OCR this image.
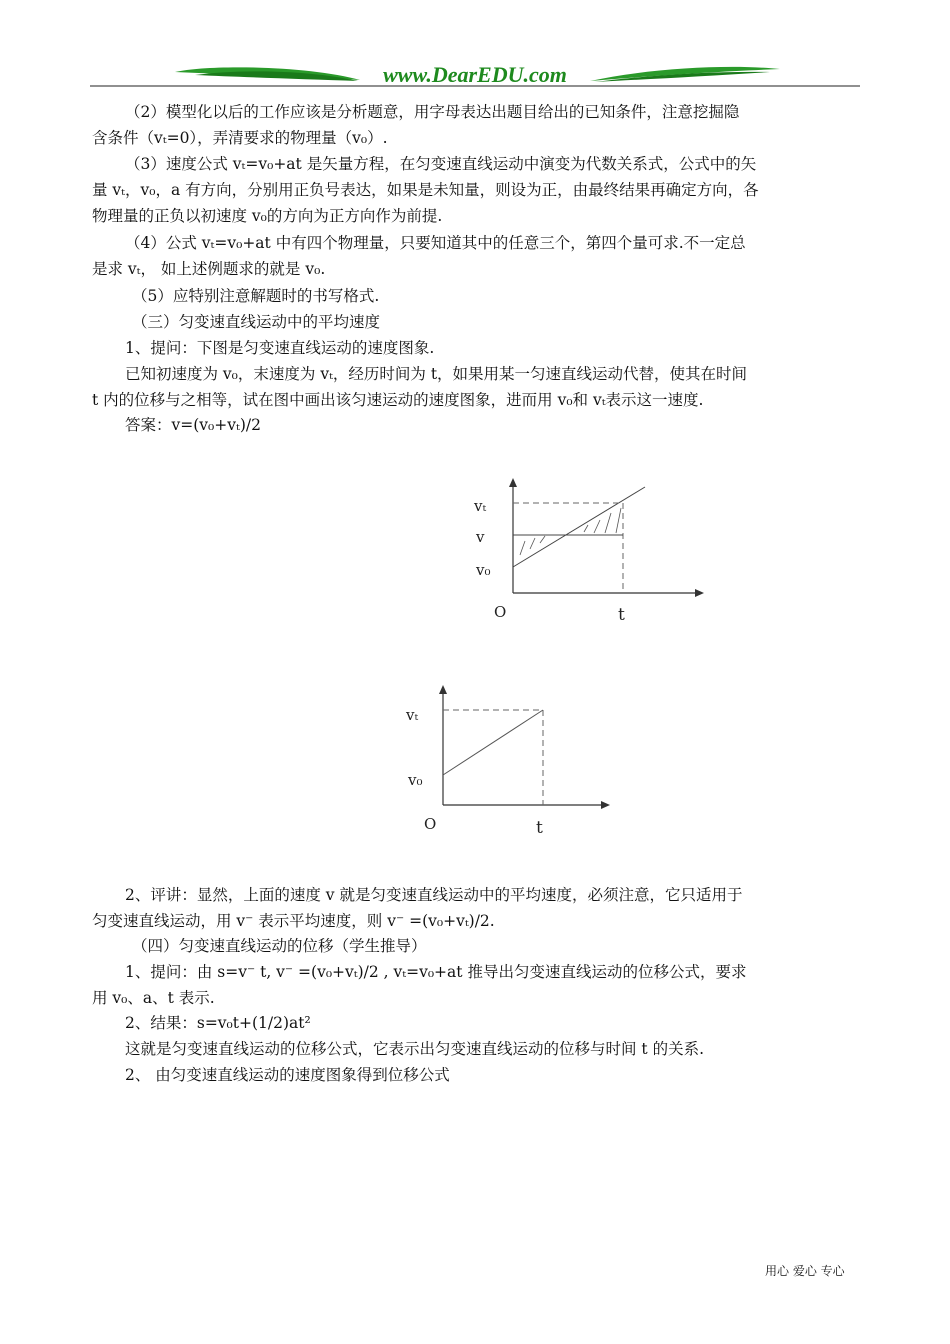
www.DearEDU.com
（2）模型化以后的工作应该是分析题意，用字母表达出题目给出的已知条件，注意挖掘隐
含条件（vₜ=0），弄清要求的物理量（v₀）.
（3）速度公式 vₜ=v₀+at 是矢量方程，在匀变速直线运动中演变为代数关系式，公式中的矢
量 vₜ，v₀，a 有方向，分别用正负号表达，如果是未知量，则设为正，由最终结果再确定方向，各
物理量的正负以初速度 v₀的方向为正方向作为前提.
（4）公式 vₜ=v₀+at 中有四个物理量，只要知道其中的任意三个，第四个量可求.不一定总
是求 vₜ， 如上述例题求的就是 v₀.
（5）应特别注意解题时的书写格式.
（三）匀变速直线运动中的平均速度
1、提问：下图是匀变速直线运动的速度图象.
已知初速度为 v₀，末速度为 vₜ，经历时间为 t，如果用某一匀速直线运动代替，使其在时间
t 内的位移与之相等，试在图中画出该匀速运动的速度图象，进而用 v₀和 vₜ表示这一速度.
答案：v=(v₀+vₜ)/2
vₜ
v
v₀
O	t
vₜ
v₀
O	t
2、评讲：显然，上面的速度 v 就是匀变速直线运动中的平均速度，必须注意，它只适用于
匀变速直线运动，用 v⁻ 表示平均速度，则 v⁻ =(v₀+vₜ)/2.
（四）匀变速直线运动的位移（学生推导）
1、提问：由 s=v⁻ t, v⁻ =(v₀+vₜ)/2 , vₜ=v₀+at 推导出匀变速直线运动的位移公式，要求
用 v₀、a、t 表示.
2、结果：s=v₀t+(1/2)at²
这就是匀变速直线运动的位移公式，它表示出匀变速直线运动的位移与时间 t 的关系.
2、 由匀变速直线运动的速度图象得到位移公式
用心 爱心 专心
